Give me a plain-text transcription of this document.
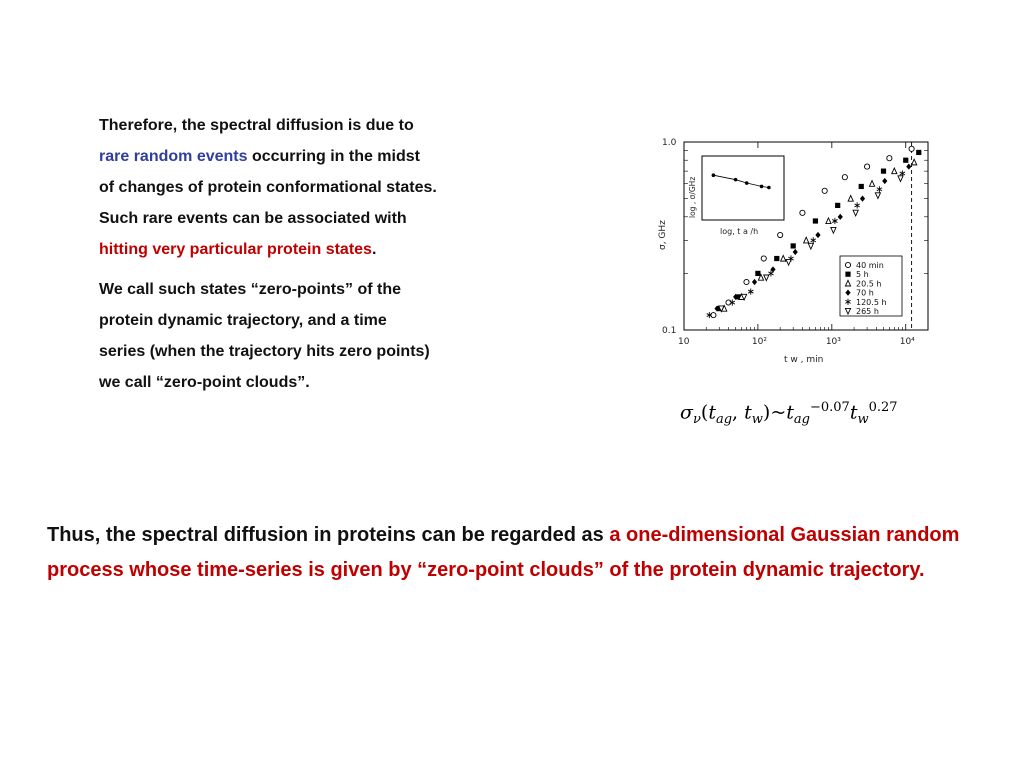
Therefore, the spectral diffusion is due to
rare random events occurring in the midst
of changes of protein conformational states.
Such rare events can be associated with
hitting very particular protein states.
We call such states “zero-points” of the
protein dynamic trajectory, and a time
series (when the trajectory hits zero points)
we call “zero-point clouds”.
10	10²	10³	10⁴
1.0
0.1
log, t a /h
log , σ/GHz
40 min
5 h
20.5 h
70 h
120.5 h
265 h
σ, GHz
t w , min
$\sigma_\nu(t_{ag}$, $t_w)\sim t_{ag}^{-0.07}t_w^{0.27}$
Thus, the spectral diffusion in proteins can be regarded as a one-dimensional Gaussian random process whose time-series is given by “zero-point clouds” of the protein dynamic trajectory.
